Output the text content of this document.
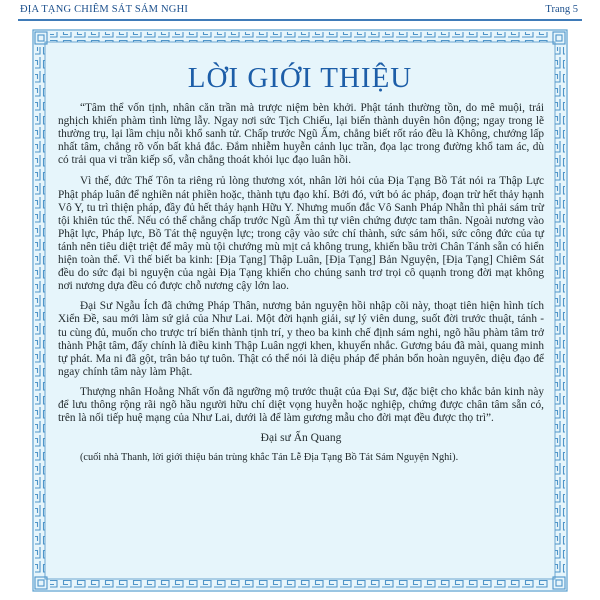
ĐỊA TẠNG CHIÊM SÁT SÁM NGHI	Trang 5
LỜI GIỚI THIỆU

“Tâm thể vốn tịnh, nhân căn trần mà trược niệm bèn khởi. Phật tánh thường tồn, do mê muội, trái nghịch khiến phàm tình lừng lẫy. Ngay nơi sức Tịch Chiếu, lại biến thành duyên hôn động; ngay trong lẽ thường trụ, lại lầm chịu nỗi khổ sanh tử. Chấp trước Ngũ Ấm, chẳng biết rốt ráo đều là Không, chướng lấp nhất tâm, chẳng rõ vốn bất khả đắc. Đắm nhiễm huyễn cảnh lục trần, đọa lạc trong đường khổ tam ác, dù có trải qua vi trần kiếp số, vẫn chẳng thoát khỏi lục đạo luân hồi.

Vì thế, đức Thế Tôn ta riêng rủ lòng thương xót, nhân lời hỏi của Địa Tạng Bồ Tát nói ra Thập Lực Phật pháp luân để nghiền nát phiền hoặc, thành tựu đạo khí. Bởi đó, vứt bỏ ác pháp, đoạn trừ hết thảy hạnh Vô Y, tu trì thiện pháp, đầy đủ hết thảy hạnh Hữu Y. Nhưng muốn đắc Vô Sanh Pháp Nhẫn thì phải sám trừ tội khiên túc thế. Nếu có thể chẳng chấp trước Ngũ Ấm thì tự viên chứng được tam thân. Ngoài nương vào Phật lực, Pháp lực, Bồ Tát thệ nguyện lực; trong cậy vào sức chí thành, sức sám hối, sức công đức của tự tánh nên tiêu diệt triệt để mây mù tội chướng mù mịt cả không trung, khiến bầu trời Chân Tánh sẵn có hiển hiện toàn thể. Vì thế biết ba kinh: [Địa Tạng] Thập Luân, [Địa Tạng] Bản Nguyện, [Địa Tạng] Chiêm Sát đều do sức đại bi nguyện của ngài Địa Tạng khiến cho chúng sanh trơ trọi cô quạnh trong đời mạt không nơi nương dựa đều có được chỗ nương cậy lớn lao.

Đại Sư Ngẫu Ích đã chứng Pháp Thân, nương bản nguyện hồi nhập cõi này, thoạt tiên hiện hình tích Xiển Đề, sau mới làm sứ giả của Như Lai. Một đời hạnh giải, sự lý viên dung, suốt đời trước thuật, tánh - tu cùng đủ, muốn cho trược trí biến thành tịnh trí, y theo ba kinh chế định sám nghi, ngõ hầu phàm tâm trở thành Phật tâm, đấy chính là điều kinh Thập Luân ngợi khen, khuyến nhắc. Gương báu đã mài, quang minh tự phát. Ma ni đã gột, trân bảo tự tuôn. Thật có thể nói là diệu pháp để phản bổn hoàn nguyên, diệu đạo để ngay chính tâm này làm Phật.

Thượng nhân Hoằng Nhất vốn đã ngưỡng mộ trước thuật của Đại Sư, đặc biệt cho khắc bản kinh này để lưu thông rộng rãi ngõ hầu người hữu chí diệt vọng huyễn hoặc nghiệp, chứng được chân tâm sẵn có, trên là nối tiếp huệ mạng của Như Lai, dưới là để làm gương mẫu cho đời mạt đều được thọ trì”.

Đại sư Ấn Quang
(cuối nhà Thanh, lời giới thiệu bản trùng khắc Tán Lễ Địa Tạng Bồ Tát Sám Nguyện Nghi).
